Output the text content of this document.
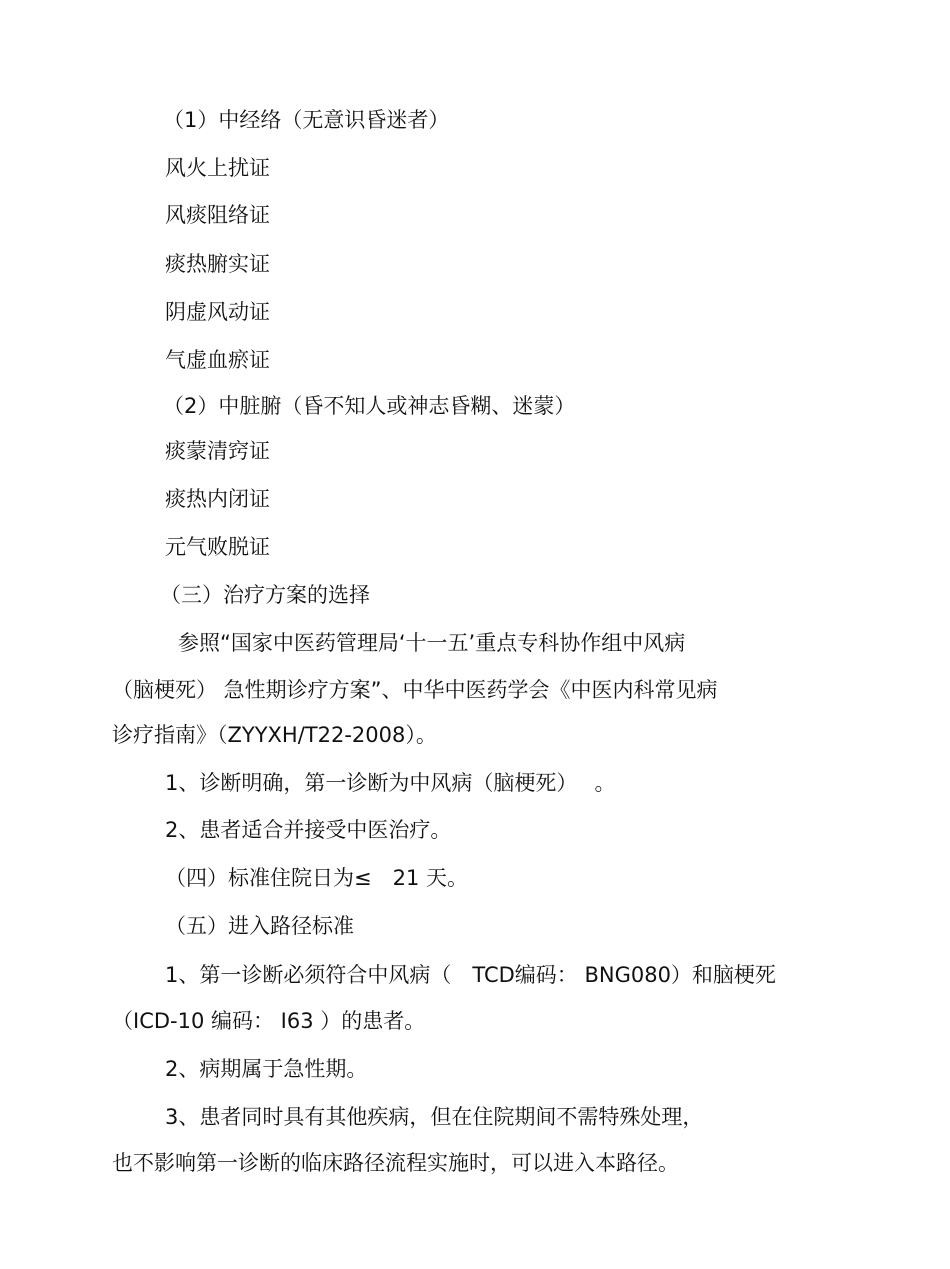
（1）中经络（无意识昏迷者）

风火上扰证

风痰阻络证

痰热腑实证

阴虚风动证

气虚血瘀证

（2）中脏腑（昏不知人或神志昏糊、迷蒙）

痰蒙清窍证

痰热内闭证

元气败脱证

（三）治疗方案的选择

参照“国家中医药管理局‘十一五’重点专科协作组中风病

（脑梗死） 急性期诊疗方案”、中华中医药学会《中医内科常见病

诊疗指南》（ZYYXH/T22-2008）。

1、诊断明确，第一诊断为中风病（脑梗死）　 。

2、患者适合并接受中医治疗。

（四）标准住院日为≤　21 天。

（五）进入路径标准

1、第一诊断必须符合中风病（　TCD编码： BNG080）和脑梗死

（ICD-10 编码： I63 ）的患者。

2、病期属于急性期。

3、患者同时具有其他疾病，但在住院期间不需特殊处理，

也不影响第一诊断的临床路径流程实施时，可以进入本路径。
